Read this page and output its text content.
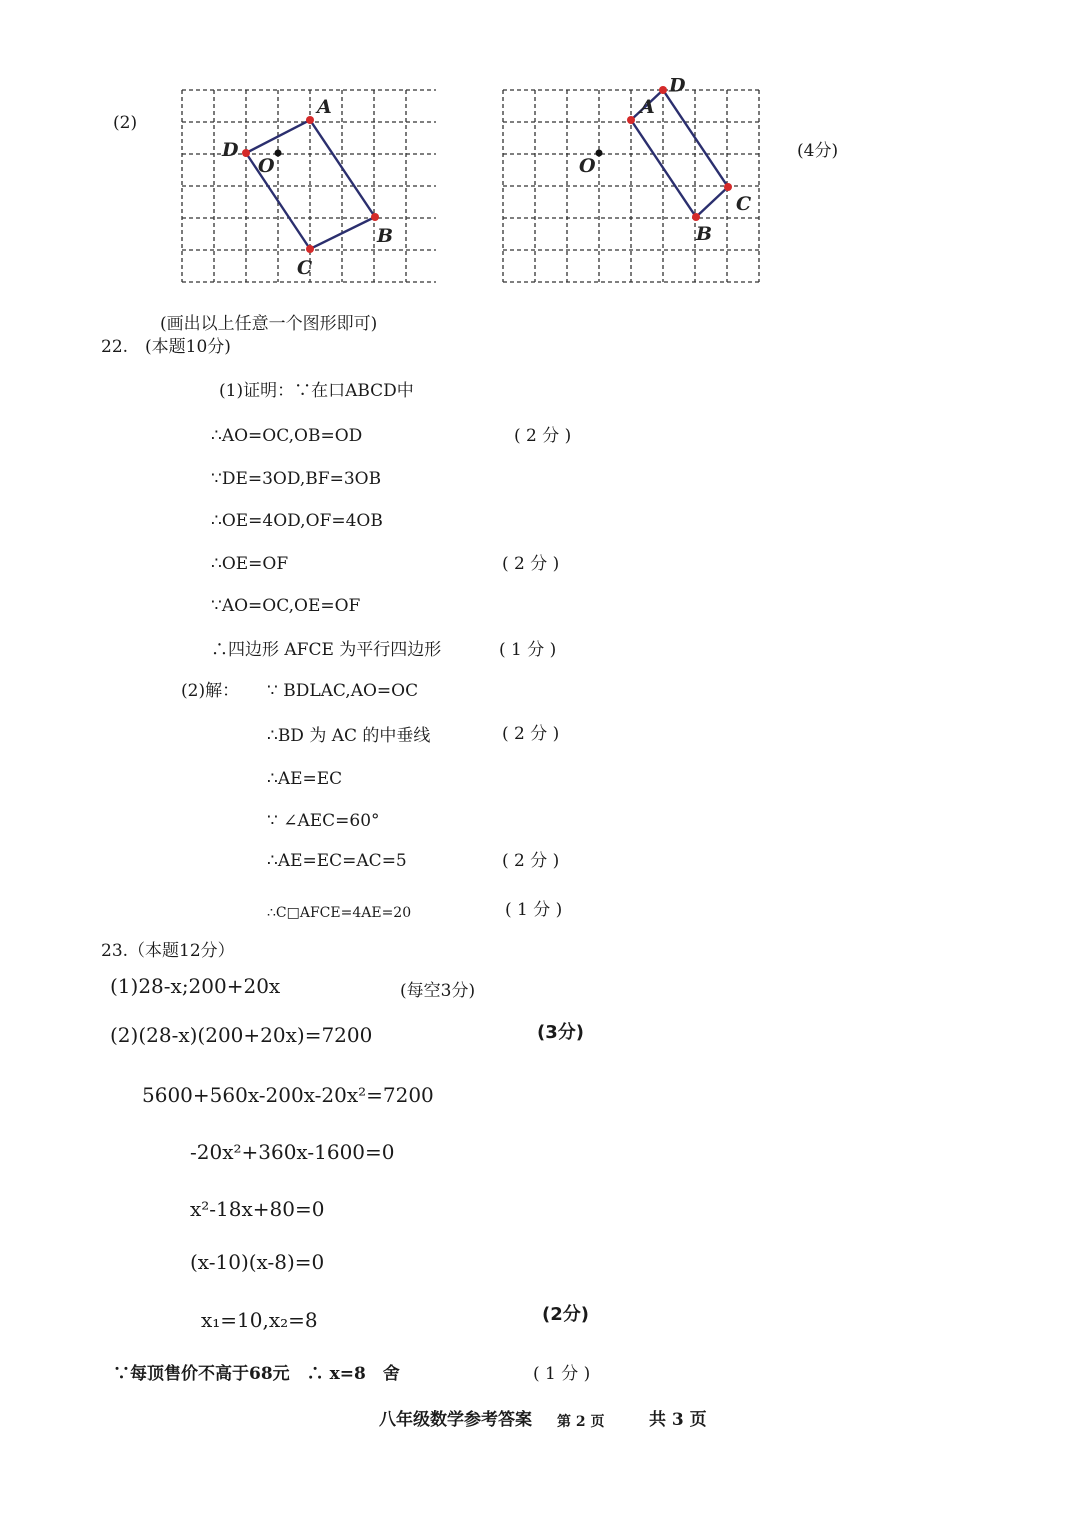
(2)
A
B
C
D
O
A
B
C
D
O
(4分)
(画出以上任意一个图形即可)
22.　(本题10分)
(1)证明：∵在口ABCD中
∴AO=OC,OB=OD	( 2 分 )
∵DE=3OD,BF=3OB
∴OE=4OD,OF=4OB
∴OE=OF	( 2 分 )
∵AO=OC,OE=OF
∴四边形 AFCE 为平行四边形	( 1 分 )
(2)解： ∵ BDLAC,AO=OC
∴BD 为 AC 的中垂线	( 2 分 )
∴AE=EC
∵ ∠AEC=60°
∴AE=EC=AC=5	( 2 分 )
∴C□AFCE=4AE=20	( 1 分 )
23.（本题12分）
(1)28-x;200+20x	(每空3分)
(2)(28-x)(200+20x)=7200	(3分)
5600+560x-200x-20x²=7200
-20x²+360x-1600=0
x²-18x+80=0
(x-10)(x-8)=0
x₁=10,x₂=8	(2分)
∵每顶售价不高于68元　∴ x=8　舍	( 1 分 )
八年级数学参考答案 第 2 页	共 3 页
